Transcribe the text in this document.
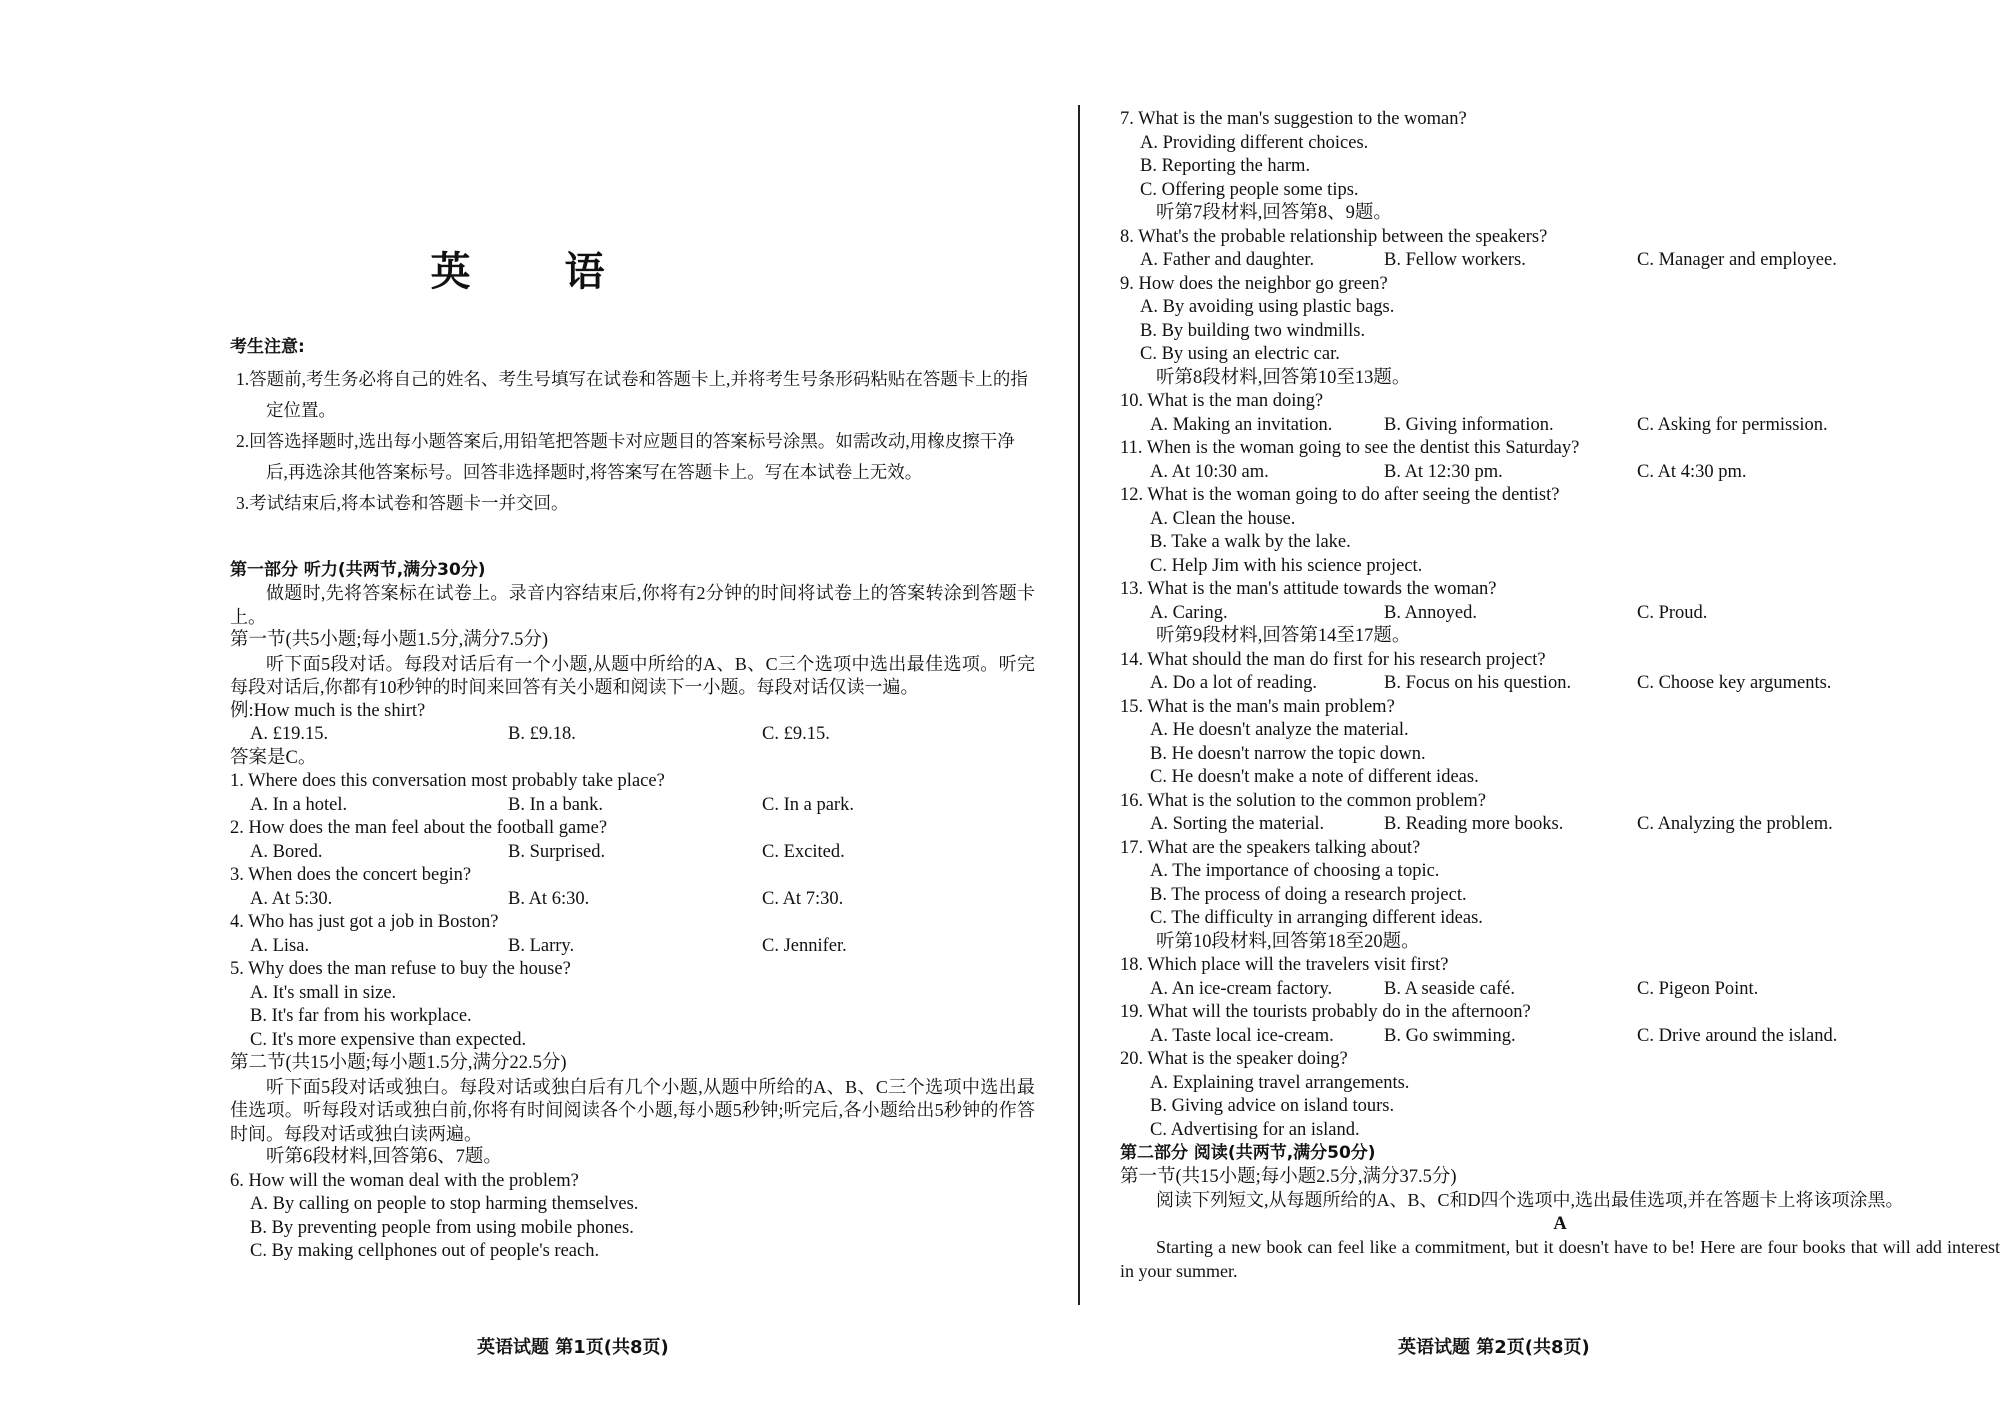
英 语
考生注意:
1.答题前,考生务必将自己的姓名、考生号填写在试卷和答题卡上,并将考生号条形码粘贴在答题卡上的指定位置。
2.回答选择题时,选出每小题答案后,用铅笔把答题卡对应题目的答案标号涂黑。如需改动,用橡皮擦干净后,再选涂其他答案标号。回答非选择题时,将答案写在答题卡上。写在本试卷上无效。
3.考试结束后,将本试卷和答题卡一并交回。
第一部分 听力(共两节,满分30分)
做题时,先将答案标在试卷上。录音内容结束后,你将有2分钟的时间将试卷上的答案转涂到答题卡上。
第一节(共5小题;每小题1.5分,满分7.5分)
听下面5段对话。每段对话后有一个小题,从题中所给的A、B、C三个选项中选出最佳选项。听完每段对话后,你都有10秒钟的时间来回答有关小题和阅读下一小题。每段对话仅读一遍。
例:How much is the shirt?
A. £19.15.	B. £9.18.	C. £9.15.
答案是C。
1. Where does this conversation most probably take place?
A. In a hotel.	B. In a bank.	C. In a park.
2. How does the man feel about the football game?
A. Bored.	B. Surprised.	C. Excited.
3. When does the concert begin?
A. At 5:30.	B. At 6:30.	C. At 7:30.
4. Who has just got a job in Boston?
A. Lisa.	B. Larry.	C. Jennifer.
5. Why does the man refuse to buy the house?
A. It's small in size.
B. It's far from his workplace.
C. It's more expensive than expected.
第二节(共15小题;每小题1.5分,满分22.5分)
听下面5段对话或独白。每段对话或独白后有几个小题,从题中所给的A、B、C三个选项中选出最佳选项。听每段对话或独白前,你将有时间阅读各个小题,每小题5秒钟;听完后,各小题给出5秒钟的作答时间。每段对话或独白读两遍。
听第6段材料,回答第6、7题。
6. How will the woman deal with the problem?
A. By calling on people to stop harming themselves.
B. By preventing people from using mobile phones.
C. By making cellphones out of people's reach.
英语试题 第1页(共8页)
7. What is the man's suggestion to the woman?
A. Providing different choices.
B. Reporting the harm.
C. Offering people some tips.
听第7段材料,回答第8、9题。
8. What's the probable relationship between the speakers?
A. Father and daughter.	B. Fellow workers.	C. Manager and employee.
9. How does the neighbor go green?
A. By avoiding using plastic bags.
B. By building two windmills.
C. By using an electric car.
听第8段材料,回答第10至13题。
10. What is the man doing?
A. Making an invitation.	B. Giving information.	C. Asking for permission.
11. When is the woman going to see the dentist this Saturday?
A. At 10:30 am.	B. At 12:30 pm.	C. At 4:30 pm.
12. What is the woman going to do after seeing the dentist?
A. Clean the house.
B. Take a walk by the lake.
C. Help Jim with his science project.
13. What is the man's attitude towards the woman?
A. Caring.	B. Annoyed.	C. Proud.
听第9段材料,回答第14至17题。
14. What should the man do first for his research project?
A. Do a lot of reading.	B. Focus on his question.	C. Choose key arguments.
15. What is the man's main problem?
A. He doesn't analyze the material.
B. He doesn't narrow the topic down.
C. He doesn't make a note of different ideas.
16. What is the solution to the common problem?
A. Sorting the material.	B. Reading more books.	C. Analyzing the problem.
17. What are the speakers talking about?
A. The importance of choosing a topic.
B. The process of doing a research project.
C. The difficulty in arranging different ideas.
听第10段材料,回答第18至20题。
18. Which place will the travelers visit first?
A. An ice-cream factory.	B. A seaside café.	C. Pigeon Point.
19. What will the tourists probably do in the afternoon?
A. Taste local ice-cream.	B. Go swimming.	C. Drive around the island.
20. What is the speaker doing?
A. Explaining travel arrangements.
B. Giving advice on island tours.
C. Advertising for an island.
第二部分 阅读(共两节,满分50分)
第一节(共15小题;每小题2.5分,满分37.5分)
阅读下列短文,从每题所给的A、B、C和D四个选项中,选出最佳选项,并在答题卡上将该项涂黑。
A
Starting a new book can feel like a commitment, but it doesn't have to be! Here are four books that will add interest in your summer.
英语试题 第2页(共8页)
